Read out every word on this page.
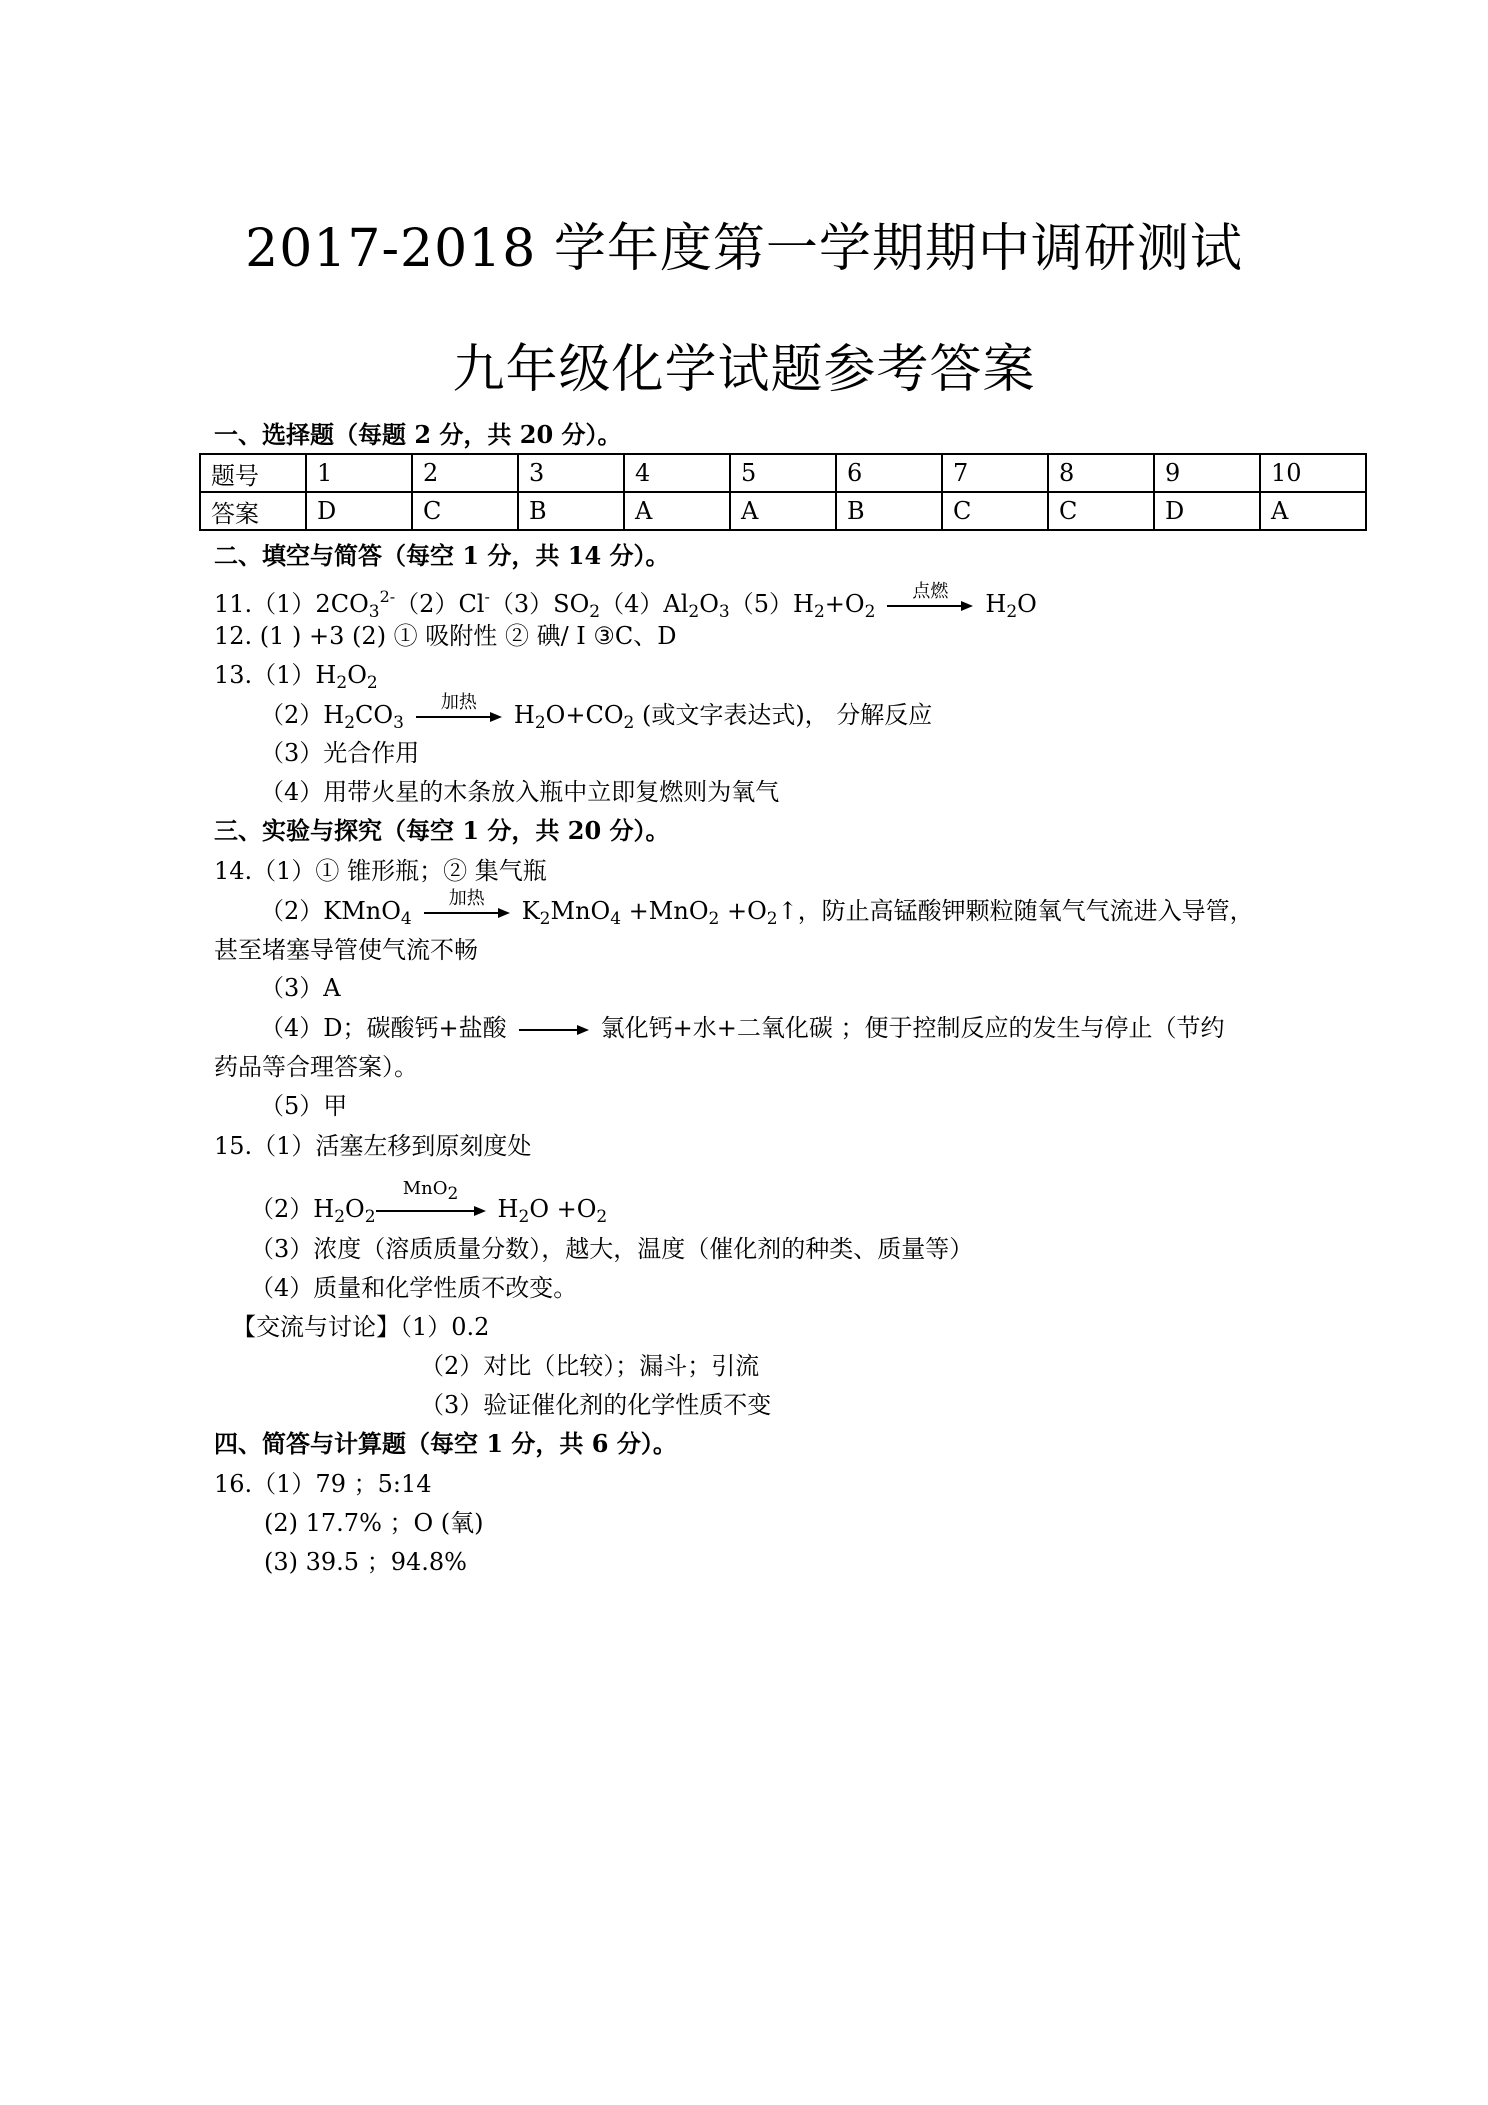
2017-2018 学年度第一学期期中调研测试
九年级化学试题参考答案
一、选择题（每题 2 分，共 20 分）。
题号	1	2	3	4	5	6	7	8	9	10
答案	D	C	B	A	A	B	C	C	D	A
二、填空与简答（每空 1 分，共 14 分）。
$11.(1)2CO_3^{2-}(2)Cl^-(3)SO_2(4)Al_2O_3(5)H_2+O_2$
点燃	$H_2O$
12. (1 ) +3 (2) ① 吸附性 ② 碘/ I ③C、D
$13.(1)H_2O_2$
$(2)H_2CO_3$
加热	$H_2O+CO_2$ (或文字表达式)， 分解反应
（3）光合作用
（4）用带火星的木条放入瓶中立即复燃则为氧气
三、实验与探究（每空 1 分，共 20 分）。
14.（1）① 锥形瓶；② 集气瓶
（2）KMnO$_4$
加热	$K_2MnO_4 +MnO_2$ $+O_2↑$，防止高锰酸钾颗粒随氧气气流进入导管，
甚至堵塞导管使气流不畅
（3）A
（4）D；碳酸钙+盐酸 → 氯化钙+水+二氧化碳 ；便于控制反应的发生与停止（节约
药品等合理答案）。
（5）甲
15.（1）活塞左移到原刻度处
$(2)H_2O_2$
MnO2
$H_2O +O_2$
（3）浓度（溶质质量分数），越大，温度（催化剂的种类、质量等）
（4）质量和化学性质不改变。
【交流与讨论】（1）0.2
（2）对比（比较）；漏斗；引流
（3）验证催化剂的化学性质不变
四、简答与计算题（每空 1 分，共 6 分）。
16.（1）79 ；5:14
(2) 17.7% ；O (氧)
(3) 39.5 ；94.8%
